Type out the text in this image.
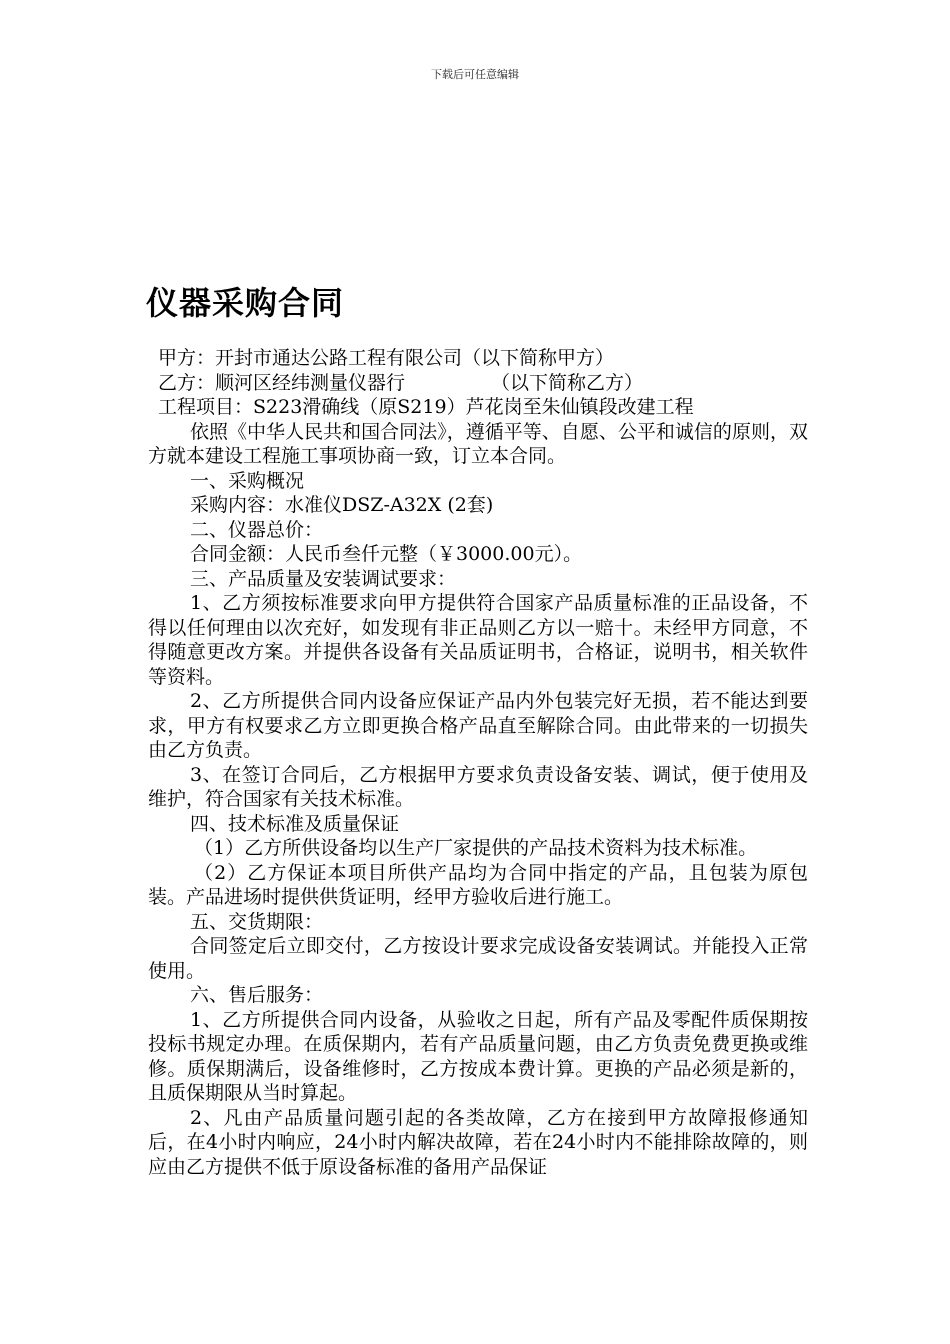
下载后可任意编辑
仪器采购合同
甲方：开封市通达公路工程有限公司（以下简称甲方）
乙方：顺河区经纬测量仪器行	（以下简称乙方）
工程项目：S223滑确线（原S219）芦花岗至朱仙镇段改建工程
依照《中华人民共和国合同法》，遵循平等、自愿、公平和诚信的原则，双方就本建设工程施工事项协商一致，订立本合同。
一、采购概况
采购内容：水准仪DSZ-A32X (2套)
二、仪器总价：
合同金额：人民币叁仟元整（￥3000.00元）。
三、产品质量及安装调试要求：
1、乙方须按标准要求向甲方提供符合国家产品质量标准的正品设备，不得以任何理由以次充好，如发现有非正品则乙方以一赔十。未经甲方同意，不得随意更改方案。并提供各设备有关品质证明书，合格证，说明书，相关软件等资料。
2、乙方所提供合同内设备应保证产品内外包装完好无损，若不能达到要求，甲方有权要求乙方立即更换合格产品直至解除合同。由此带来的一切损失由乙方负责。
3、在签订合同后，乙方根据甲方要求负责设备安装、调试，便于使用及维护，符合国家有关技术标准。
四、技术标准及质量保证
（1）乙方所供设备均以生产厂家提供的产品技术资料为技术标准。
（2）乙方保证本项目所供产品均为合同中指定的产品，且包装为原包装。产品进场时提供供货证明，经甲方验收后进行施工。
五、交货期限：
合同签定后立即交付，乙方按设计要求完成设备安装调试。并能投入正常使用。
六、售后服务：
1、乙方所提供合同内设备，从验收之日起，所有产品及零配件质保期按投标书规定办理。在质保期内，若有产品质量问题，由乙方负责免费更换或维修。质保期满后，设备维修时，乙方按成本费计算。更换的产品必须是新的，且质保期限从当时算起。
2、凡由产品质量问题引起的各类故障，乙方在接到甲方故障报修通知后，在4小时内响应，24小时内解决故障，若在24小时内不能排除故障的，则应由乙方提供不低于原设备标准的备用产品保证
